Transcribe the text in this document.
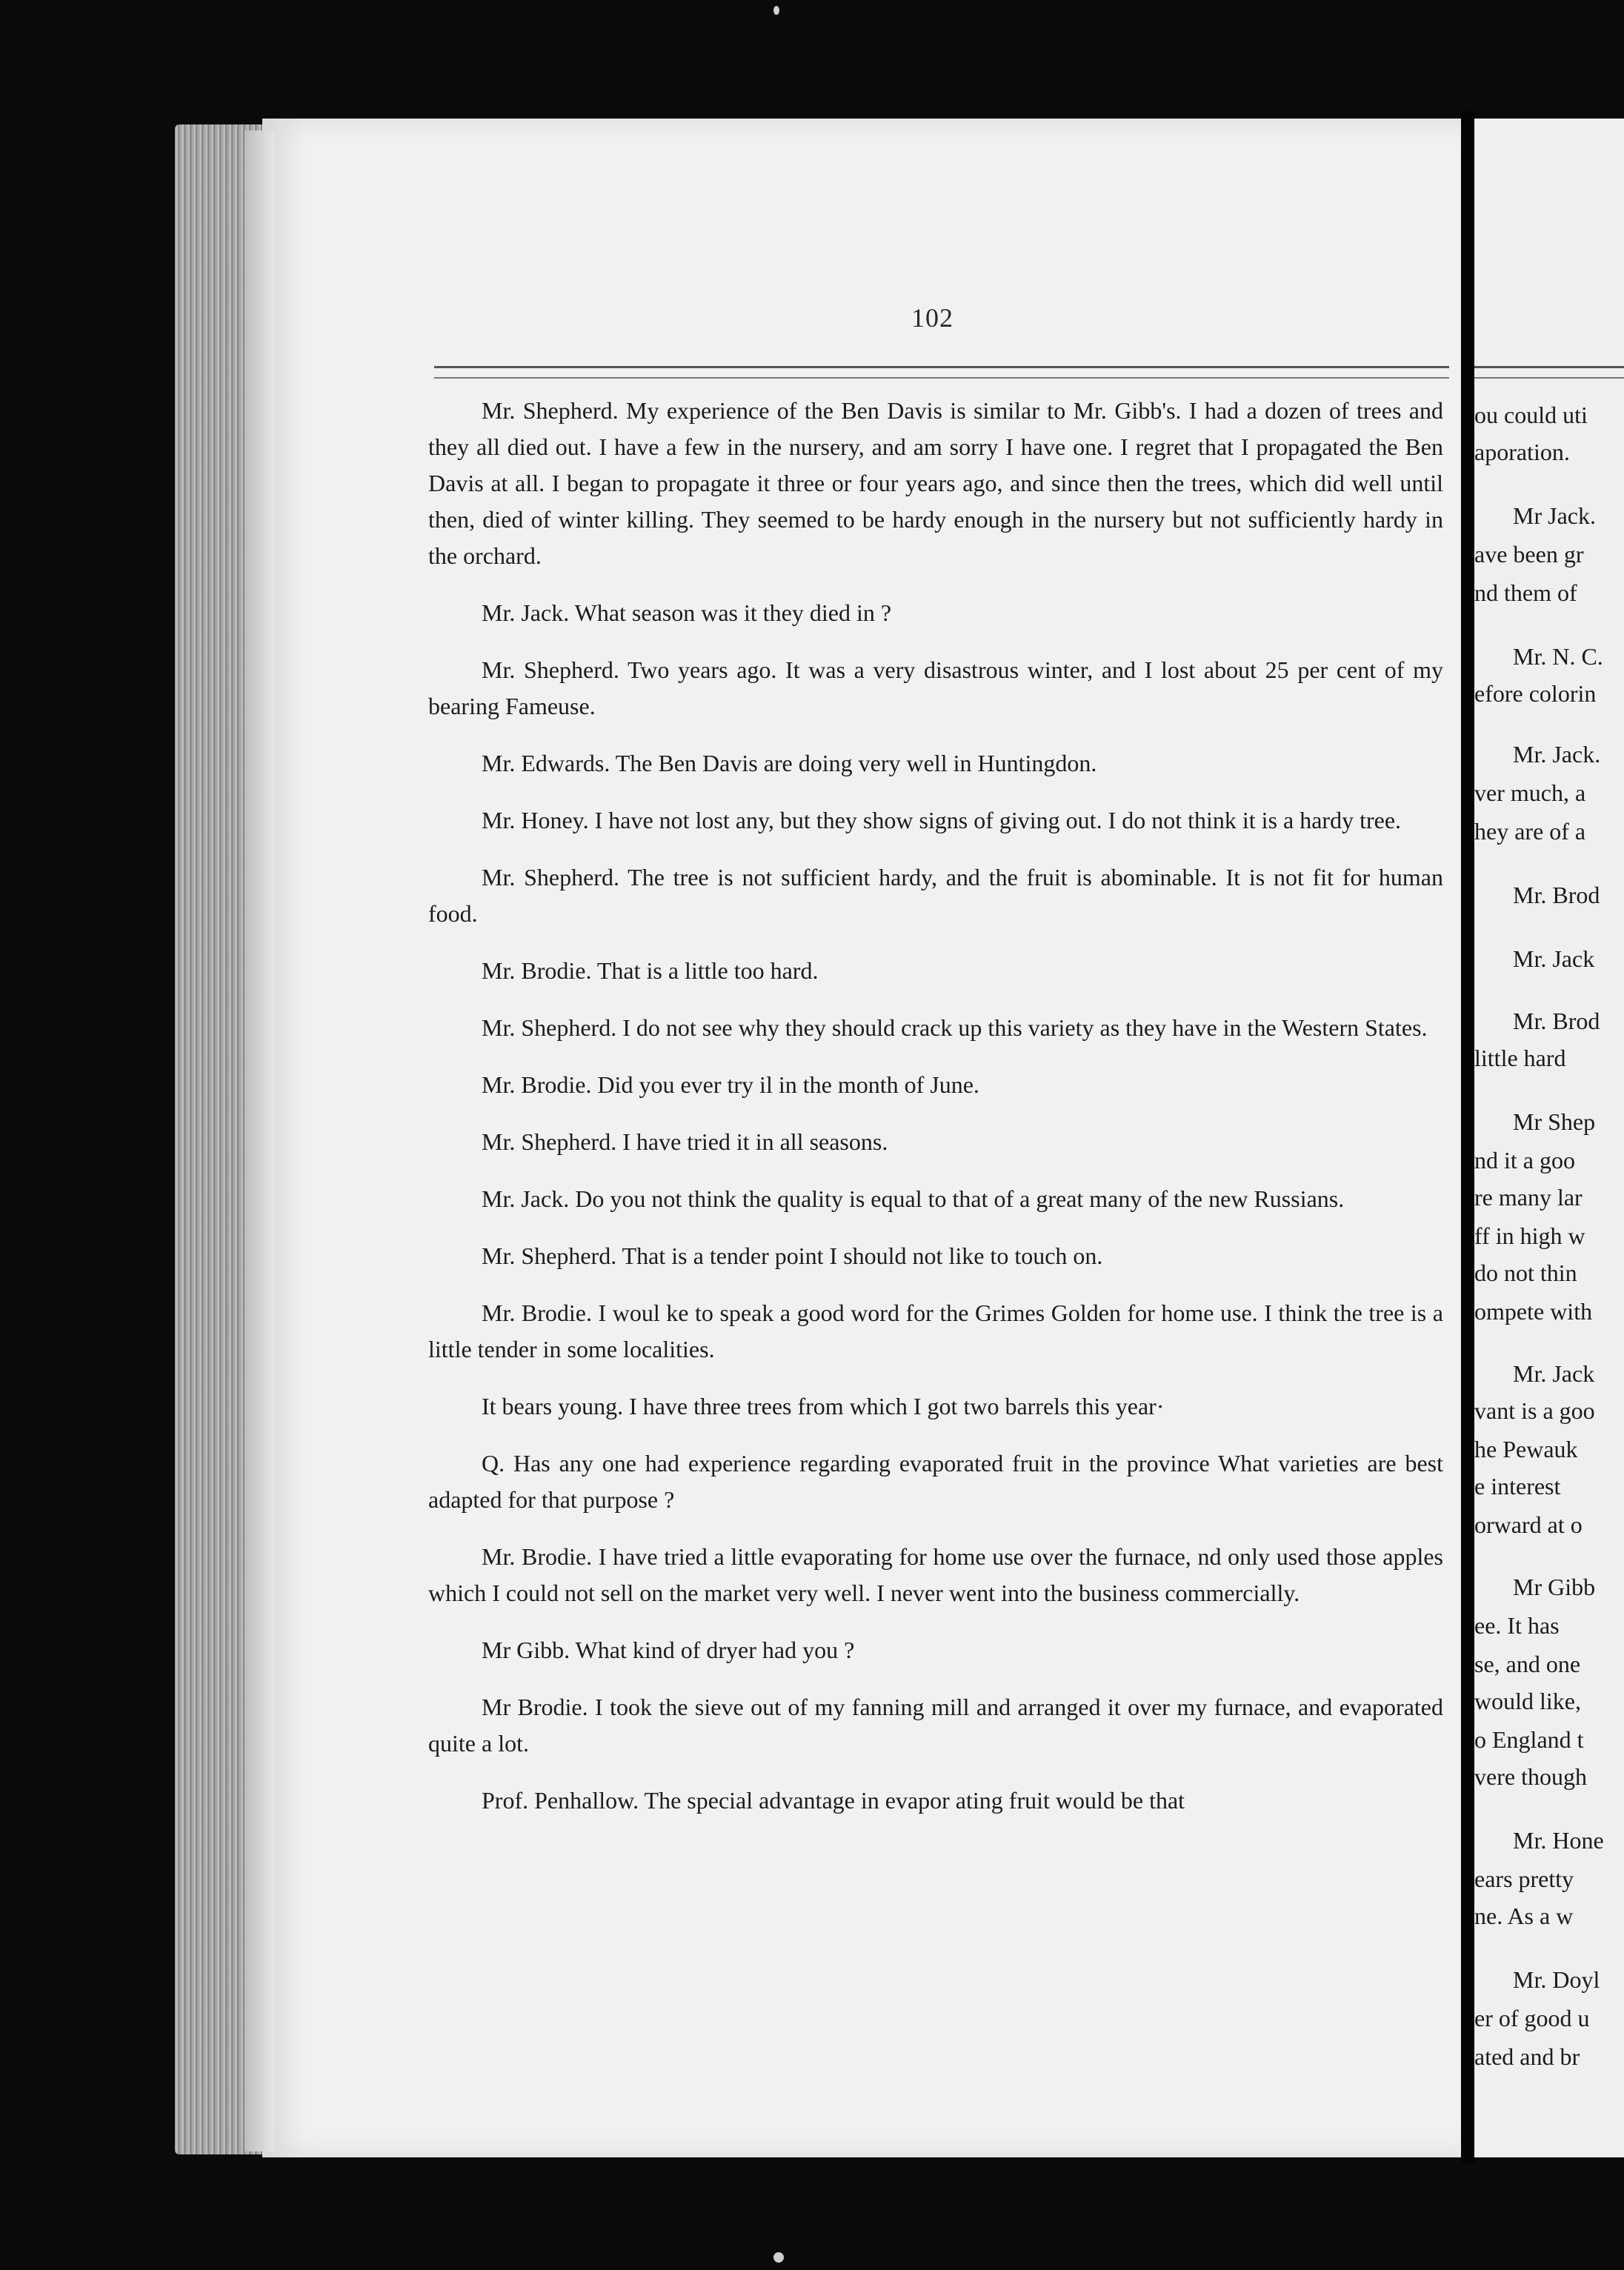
102

Mr. Shepherd. My experience of the Ben Davis is similar to Mr. Gibb's. I had a dozen of trees and they all died out. I have a few in the nursery, and am sorry I have one. I regret that I propagated the Ben Davis at all. I began to propagate it three or four years ago, and since then the trees, which did well until then, died of winter killing. They seemed to be hardy enough in the nursery but not sufficiently hardy in the orchard.

Mr. Jack. What season was it they died in ?

Mr. Shepherd. Two years ago. It was a very disastrous winter, and I lost about 25 per cent of my bearing Fameuse.

Mr. Edwards. The Ben Davis are doing very well in Huntingdon.

Mr. Honey. I have not lost any, but they show signs of giving out. I do not think it is a hardy tree.

Mr. Shepherd. The tree is not sufficient hardy, and the fruit is abominable. It is not fit for human food.

Mr. Brodie. That is a little too hard.

Mr. Shepherd. I do not see why they should crack up this variety as they have in the Western States.

Mr. Brodie. Did you ever try il in the month of June.

Mr. Shepherd. I have tried it in all seasons.

Mr. Jack. Do you not think the quality is equal to that of a great many of the new Russians.

Mr. Shepherd. That is a tender point I should not like to touch on.

Mr. Brodie. I woul ke to speak a good word for the Grimes Golden for home use. I think the tree is a little tender in some localities.

It bears young. I have three trees from which I got two barrels this year·

Q. Has any one had experience regarding evaporated fruit in the province What varieties are best adapted for that purpose ?

Mr. Brodie. I have tried a little evaporating for home use over the furnace, nd only used those apples which I could not sell on the market very well. I never went into the business commercially.

Mr Gibb. What kind of dryer had you ?

Mr Brodie. I took the sieve out of my fanning mill and arranged it over my furnace, and evaporated quite a lot.

Prof. Penhallow. The special advantage in evapor ating fruit would be that

ou could uti
aporation.
Mr Jack.
ave been gr
nd them of
Mr. N. C.
efore colorin
Mr. Jack.
ver much, a
hey are of a
Mr. Brod
Mr. Jack
Mr. Brod
little hard
Mr Shep
nd it a goo
re many lar
ff in high w
do not thin
ompete with
Mr. Jack
vant is a goo
he Pewauk
e interest
orward at o
Mr Gibb
ee. It has
se, and one
would like,
o England t
vere though
Mr. Hone
ears pretty
ne. As a w
Mr. Doyl
er of good u
ated and br
